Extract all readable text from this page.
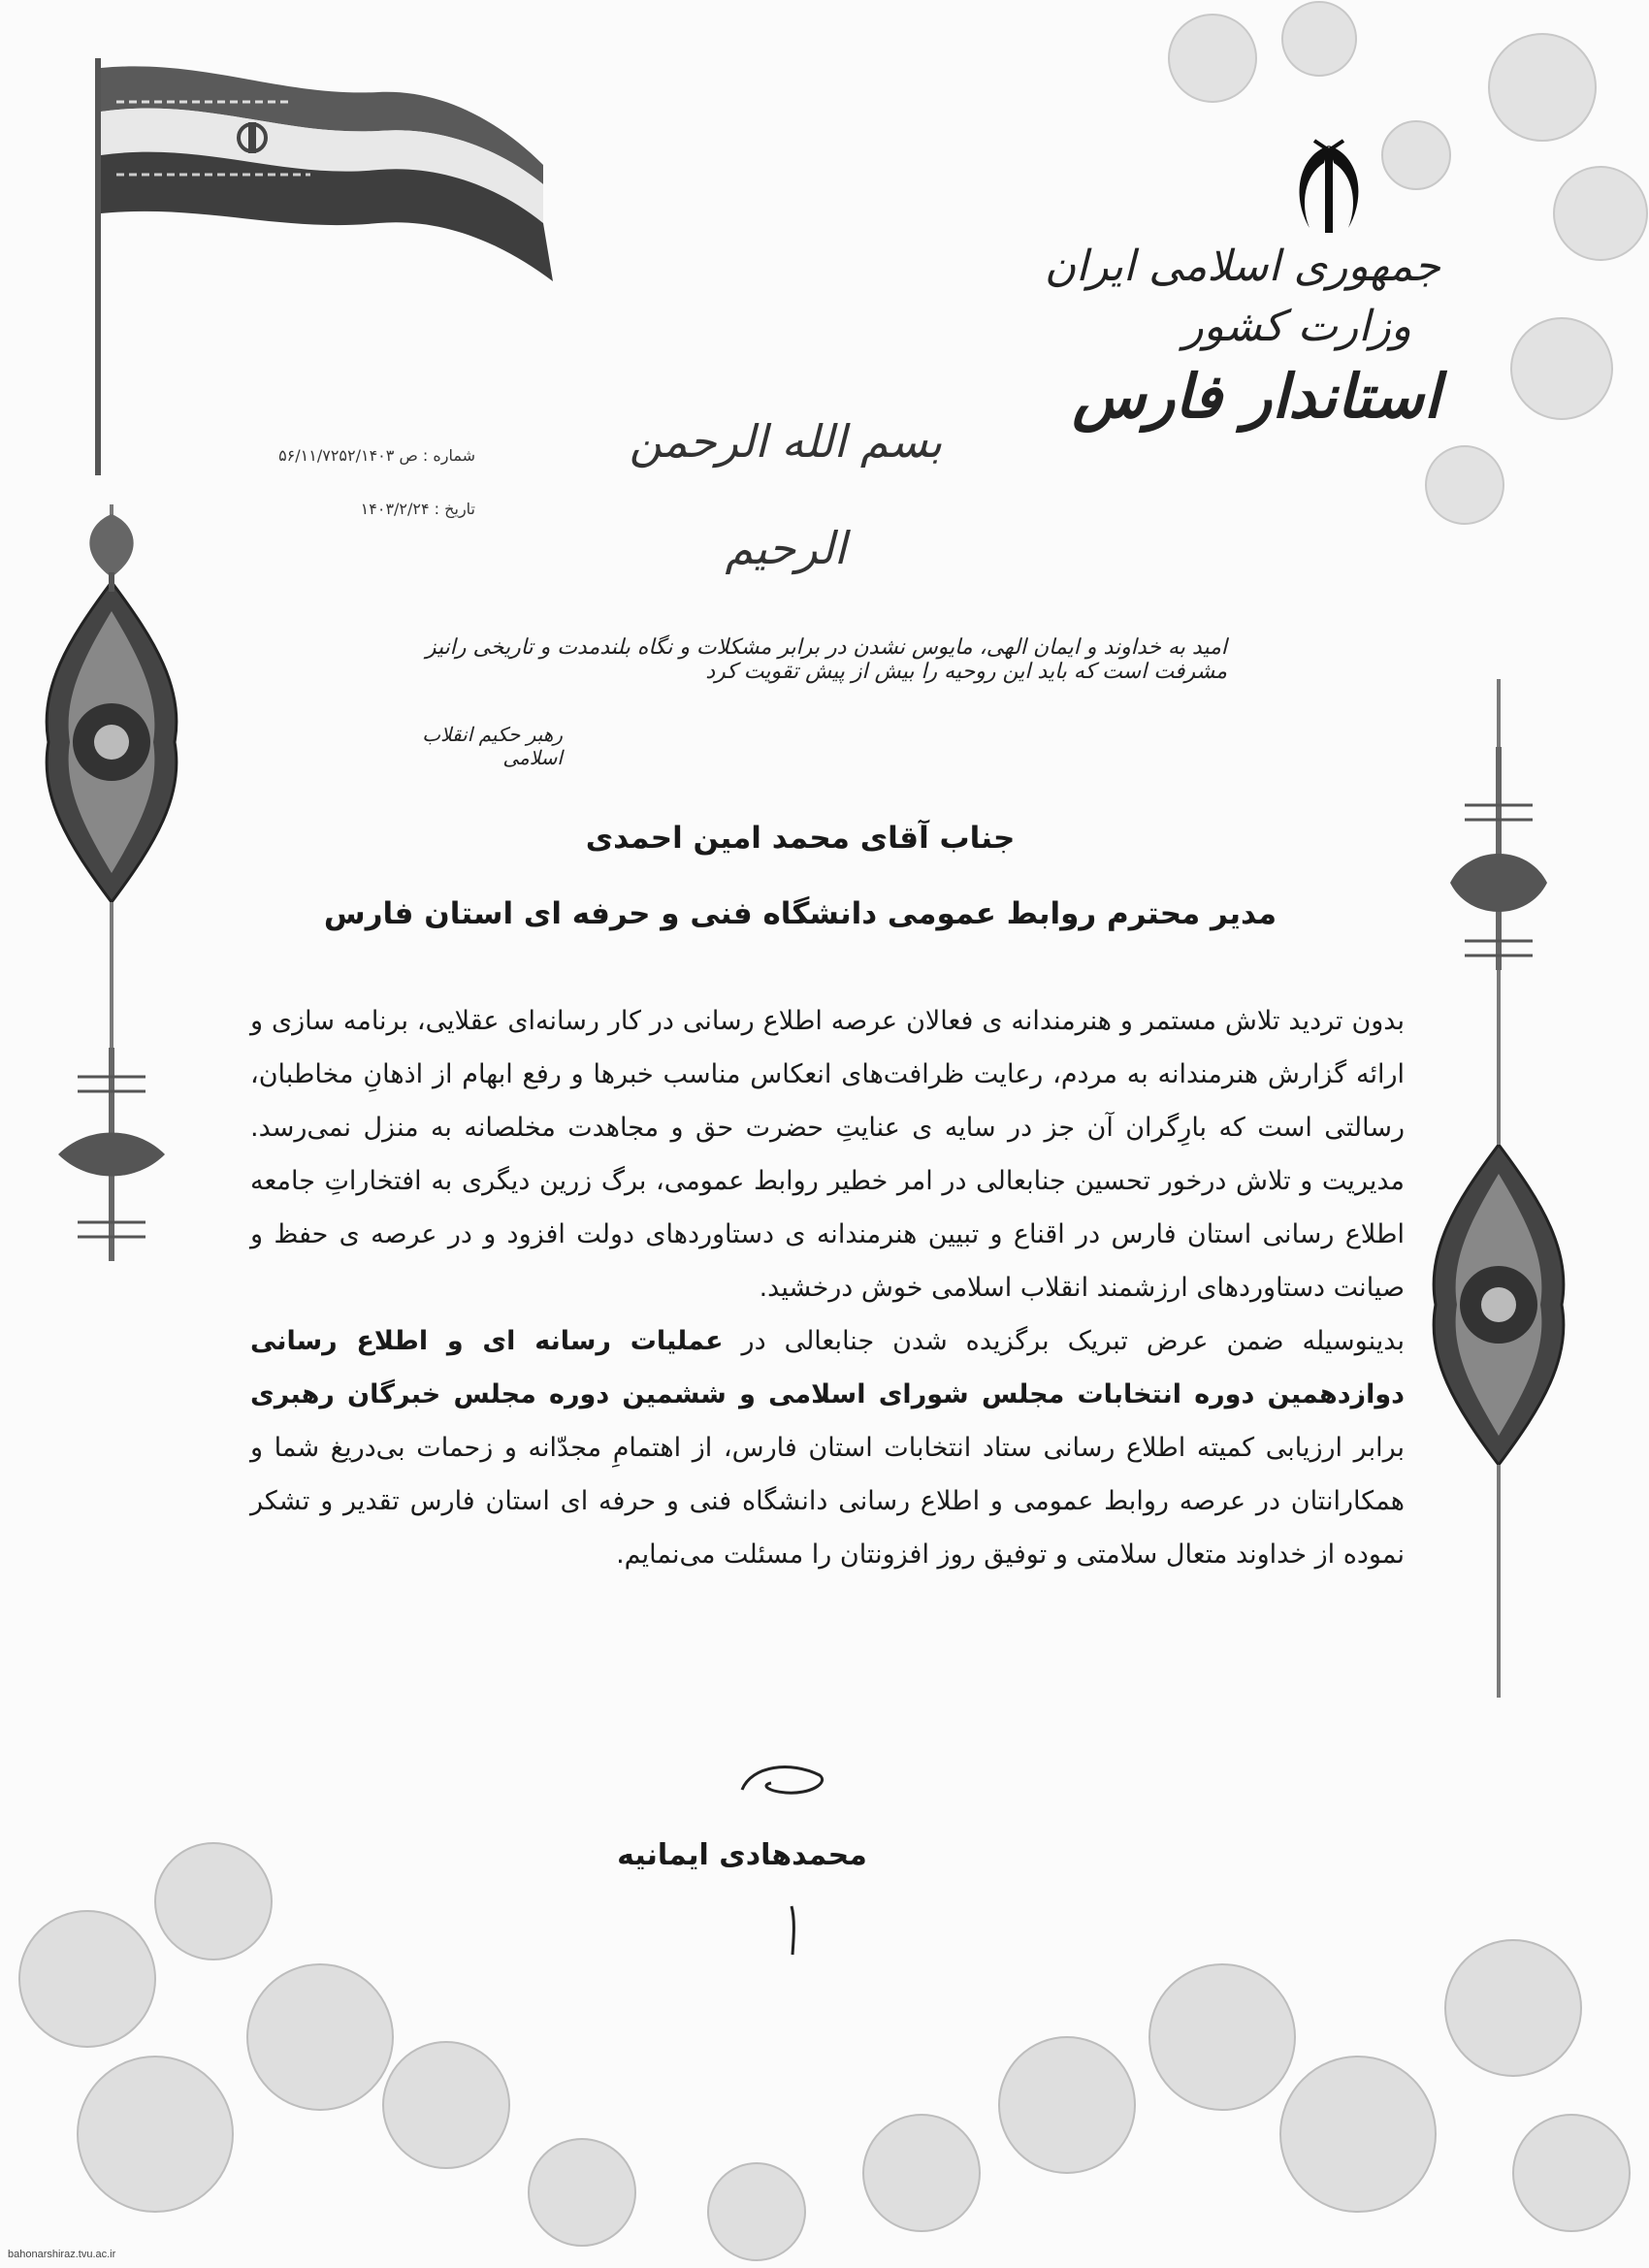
جمهوری اسلامی ایران
وزارت کشور
استاندار فارس
بسم الله الرحمن الرحیم
شماره : ص ۵۶/۱۱/۷۲۵۲/۱۴۰۳
تاریخ : ۱۴۰۳/۲/۲۴
امید به خداوند و ایمان الهی، مایوس نشدن در برابر مشکلات و نگاه بلندمدت و تاریخی رانیز مشرفت است که باید این روحیه را بیش از پیش تقویت کرد
رهبر حکیم انقلاب اسلامی
جناب آقای محمد امین احمدی
مدیر محترم روابط عمومی دانشگاه فنی و حرفه ای استان فارس

بدون تردید تلاش مستمر و هنرمندانه ی فعالان عرصه اطلاع رسانی در کار رسانه‌ای عقلایی، برنامه سازی و ارائه گزارش هنرمندانه به مردم، رعایت ظرافت‌های انعکاس مناسب خبرها و رفع ابهام از اذهانِ مخاطبان، رسالتی است که بارِگران آن جز در سایه ی عنایتِ حضرت حق و مجاهدت مخلصانه به منزل نمی‌رسد. مدیریت و تلاش درخور تحسین جنابعالی در امر خطیر روابط عمومی، برگ زرین دیگری به افتخاراتِ جامعه اطلاع رسانی استان فارس در اقناع و تبیین هنرمندانه ی دستاوردهای دولت افزود و در عرصه ی حفظ و صیانت دستاوردهای ارزشمند انقلاب اسلامی خوش درخشید.

بدینوسیله ضمن عرض تبریک برگزیده شدن جنابعالی در عملیات رسانه ای و اطلاع رسانی دوازدهمین دوره انتخابات مجلس شورای اسلامی و ششمین دوره مجلس خبرگان رهبری برابر ارزیابی کمیته اطلاع رسانی ستاد انتخابات استان فارس، از اهتمامِ مجدّانه و زحمات بی‌دریغ شما و همکارانتان در عرصه روابط عمومی و اطلاع رسانی دانشگاه فنی و حرفه ای استان فارس تقدیر و تشکر نموده از خداوند متعال سلامتی و توفیق روز افزونتان را مسئلت می‌نمایم.

محمدهادی ایمانیه
bahonarshiraz.tvu.ac.ir
